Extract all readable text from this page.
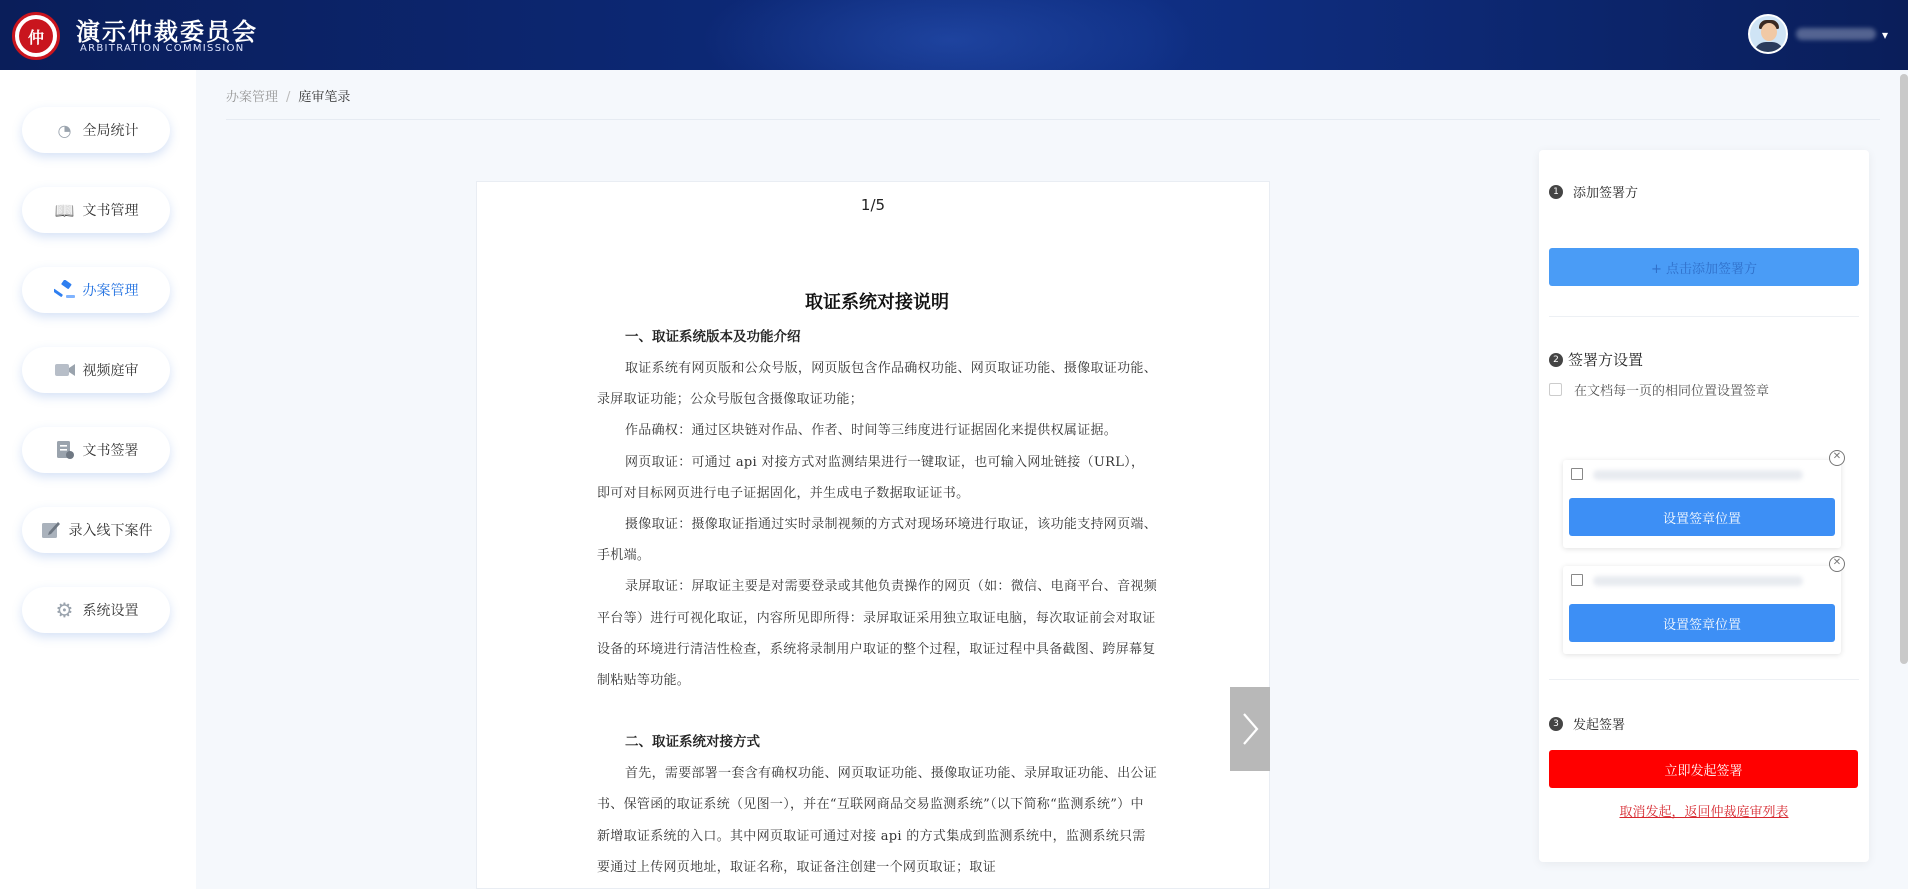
仲	演示仲裁委员会
ARBITRATION COMMISSION
▾
◔ 全局统计
📖 文书管理
办案管理
视频庭审
文书签署
录入线下案件
⚙ 系统设置
办案管理 / 庭审笔录
1/5
取证系统对接说明
一、取证系统版本及功能介绍
取证系统有网页版和公众号版，网页版包含作品确权功能、网页取证功能、摄像取证功能、录屏取证功能；公众号版包含摄像取证功能；
作品确权：通过区块链对作品、作者、时间等三纬度进行证据固化来提供权属证据。
网页取证：可通过 api 对接方式对监测结果进行一键取证，也可输入网址链接（URL），即可对目标网页进行电子证据固化，并生成电子数据取证证书。
摄像取证：摄像取证指通过实时录制视频的方式对现场环境进行取证，该功能支持网页端、手机端。
录屏取证：屏取证主要是对需要登录或其他负责操作的网页（如：微信、电商平台、音视频平台等）进行可视化取证，内容所见即所得：录屏取证采用独立取证电脑，每次取证前会对取证设备的环境进行清洁性检查，系统将录制用户取证的整个过程，取证过程中具备截图、跨屏幕复制粘贴等功能。
二、取证系统对接方式
首先，需要部署一套含有确权功能、网页取证功能、摄像取证功能、录屏取证功能、出公证书、保管函的取证系统（见图一），并在“互联网商品交易监测系统”（以下简称“监测系统”）中新增取证系统的入口。其中网页取证可通过对接 api 的方式集成到监测系统中，监测系统只需要通过上传网页地址，取证名称，取证备注创建一个网页取证；取证
1	添加签署方
+ 点击添加签署方
2 签署方设置
在文档每一页的相同位置设置签章
设置签章位置
✕
设置签章位置
✕
3	发起签署
立即发起签署
取消发起，返回仲裁庭审列表
